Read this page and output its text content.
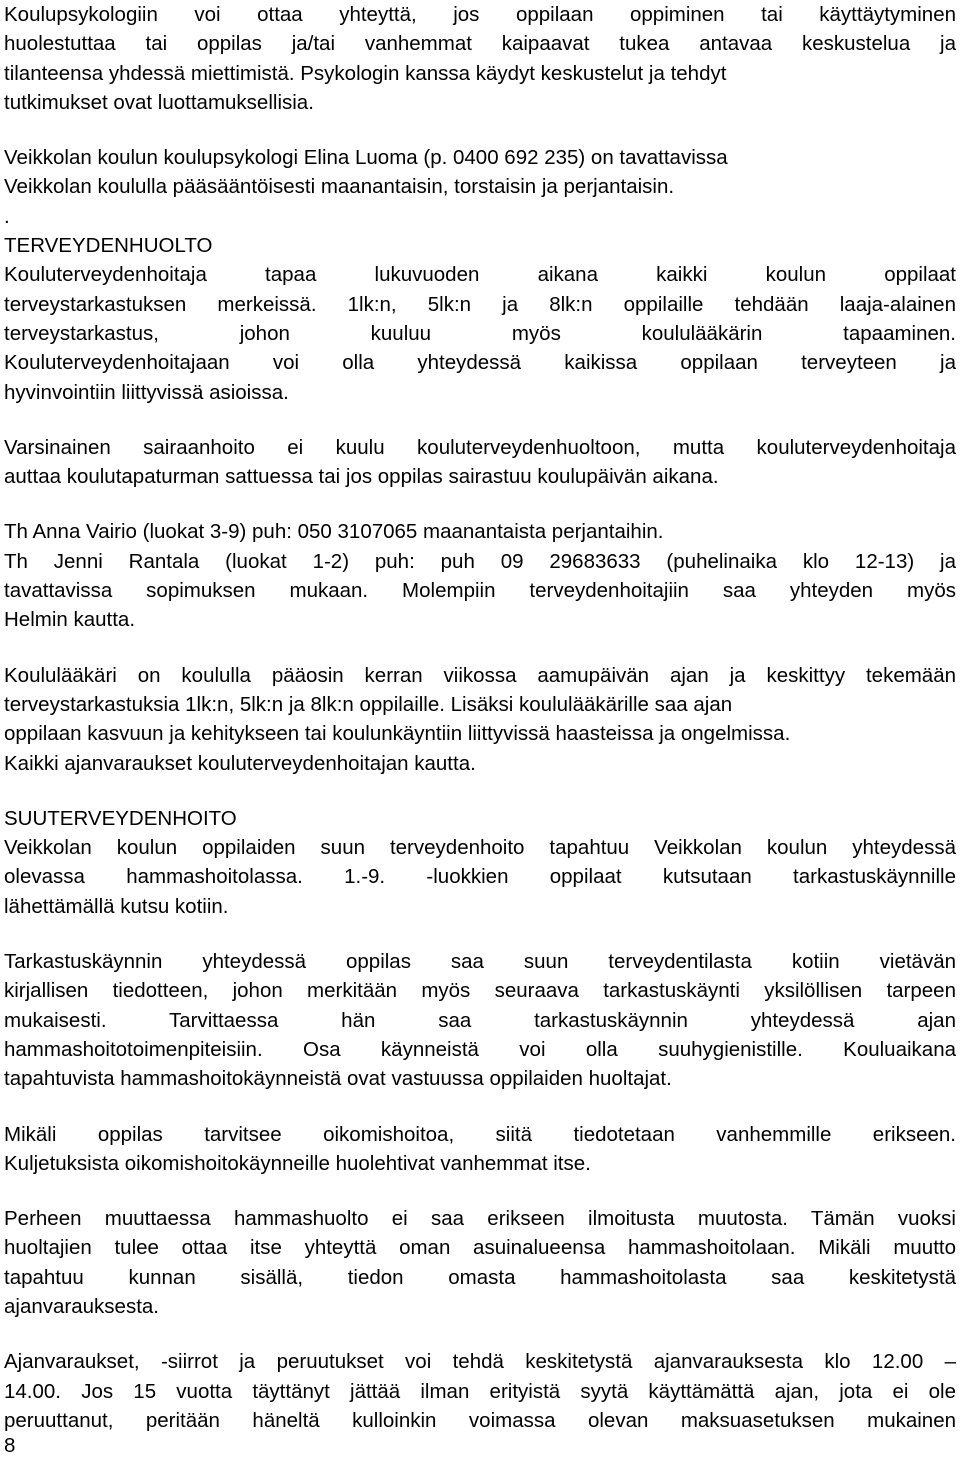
Koulupsykologiin voi ottaa yhteyttä, jos oppilaan oppiminen tai käyttäytyminen
huolestuttaa tai oppilas ja/tai vanhemmat kaipaavat tukea antavaa keskustelua ja
tilanteensa yhdessä miettimistä. Psykologin kanssa käydyt keskustelut ja tehdyt
tutkimukset ovat luottamuksellisia.
Veikkolan koulun koulupsykologi Elina Luoma (p. 0400 692 235) on tavattavissa
Veikkolan koululla pääsääntöisesti maanantaisin, torstaisin ja perjantaisin.
.
TERVEYDENHUOLTO
Kouluterveydenhoitaja tapaa lukuvuoden aikana kaikki koulun oppilaat
terveystarkastuksen merkeissä. 1lk:n, 5lk:n ja 8lk:n oppilaille tehdään laaja-alainen
terveystarkastus, johon kuuluu myös koululääkärin tapaaminen.
Kouluterveydenhoitajaan voi olla yhteydessä kaikissa oppilaan terveyteen ja
hyvinvointiin liittyvissä asioissa.
Varsinainen sairaanhoito ei kuulu kouluterveydenhuoltoon, mutta kouluterveydenhoitaja
auttaa koulutapaturman sattuessa tai jos oppilas sairastuu koulupäivän aikana.
Th Anna Vairio (luokat 3-9) puh: 050 3107065 maanantaista perjantaihin.
Th Jenni Rantala (luokat 1-2) puh: puh 09 29683633 (puhelinaika klo 12-13) ja
tavattavissa sopimuksen mukaan. Molempiin terveydenhoitajiin saa yhteyden myös
Helmin kautta.
Koululääkäri on koululla pääosin kerran viikossa aamupäivän ajan ja keskittyy tekemään
terveystarkastuksia 1lk:n, 5lk:n ja 8lk:n oppilaille. Lisäksi koululääkärille saa ajan
oppilaan kasvuun ja kehitykseen tai koulunkäyntiin liittyvissä haasteissa ja ongelmissa.
Kaikki ajanvaraukset kouluterveydenhoitajan kautta.
SUUTERVEYDENHOITO
Veikkolan koulun oppilaiden suun terveydenhoito tapahtuu Veikkolan koulun yhteydessä
olevassa hammashoitolassa. 1.-9. -luokkien oppilaat kutsutaan tarkastuskäynnille
lähettämällä kutsu kotiin.
Tarkastuskäynnin yhteydessä oppilas saa suun terveydentilasta kotiin vietävän
kirjallisen tiedotteen, johon merkitään myös seuraava tarkastuskäynti yksilöllisen tarpeen
mukaisesti. Tarvittaessa hän saa tarkastuskäynnin yhteydessä ajan
hammashoitotoimenpiteisiin. Osa käynneistä voi olla suuhygienistille. Kouluaikana
tapahtuvista hammashoitokäynneistä ovat vastuussa oppilaiden huoltajat.
Mikäli oppilas tarvitsee oikomishoitoa, siitä tiedotetaan vanhemmille erikseen.
Kuljetuksista oikomishoitokäynneille huolehtivat vanhemmat itse.
Perheen muuttaessa hammashuolto ei saa erikseen ilmoitusta muutosta. Tämän vuoksi
huoltajien tulee ottaa itse yhteyttä oman asuinalueensa hammashoitolaan. Mikäli muutto
tapahtuu kunnan sisällä, tiedon omasta hammashoitolasta saa keskitetystä
ajanvarauksesta.
Ajanvaraukset, -siirrot ja peruutukset voi tehdä keskitetystä ajanvarauksesta klo 12.00 –
14.00. Jos 15 vuotta täyttänyt jättää ilman erityistä syytä käyttämättä ajan, jota ei ole
peruuttanut, peritään häneltä kulloinkin voimassa olevan maksuasetuksen mukainen
8
